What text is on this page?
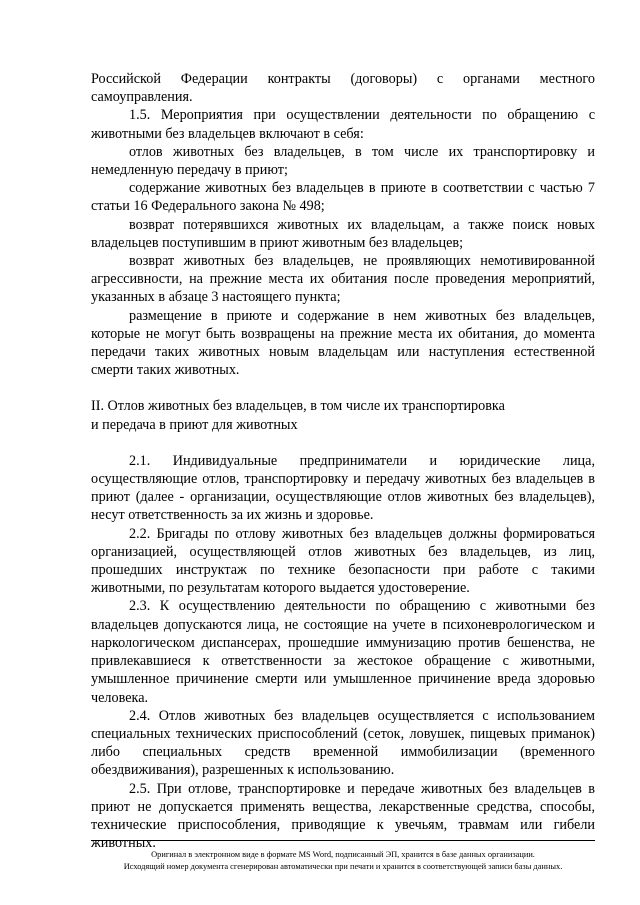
Российской Федерации контракты (договоры) с органами местного самоуправления.

1.5. Мероприятия при осуществлении деятельности по обращению с животными без владельцев включают в себя:

отлов животных без владельцев, в том числе их транспортировку и немедленную передачу в приют;

содержание животных без владельцев в приюте в соответствии с частью 7 статьи 16 Федерального закона № 498;

возврат потерявшихся животных их владельцам, а также поиск новых владельцев поступившим в приют животным без владельцев;

возврат животных без владельцев, не проявляющих немотивированной агрессивности, на прежние места их обитания после проведения мероприятий, указанных в абзаце 3 настоящего пункта;

размещение в приюте и содержание в нем животных без владельцев, которые не могут быть возвращены на прежние места их обитания, до момента передачи таких животных новым владельцам или наступления естественной смерти таких животных.

II. Отлов животных без владельцев, в том числе их транспортировка

и передача в приют для животных

2.1. Индивидуальные предприниматели и юридические лица, осуществляющие отлов, транспортировку и передачу животных без владельцев в приют (далее - организации, осуществляющие отлов животных без владельцев), несут ответственность за их жизнь и здоровье.

2.2. Бригады по отлову животных без владельцев должны формироваться организацией, осуществляющей отлов животных без владельцев, из лиц, прошедших инструктаж по технике безопасности при работе с такими животными, по результатам которого выдается удостоверение.

2.3. К осуществлению деятельности по обращению с животными без владельцев допускаются лица, не состоящие на учете в психоневрологическом и наркологическом диспансерах, прошедшие иммунизацию против бешенства, не привлекавшиеся к ответственности за жестокое обращение с животными, умышленное причинение смерти или умышленное причинение вреда здоровью человека.

2.4. Отлов животных без владельцев осуществляется с использованием специальных технических приспособлений (сеток, ловушек, пищевых приманок) либо специальных средств временной иммобилизации (временного обездвиживания), разрешенных к использованию.

2.5. При отлове, транспортировке и передаче животных без владельцев в приют не допускается применять вещества, лекарственные средства, способы, технические приспособления, приводящие к увечьям, травмам или гибели животных.

Оригинал в электронном виде в формате MS Word, подписанный ЭП, хранится в базе данных организации.
Исходящий номер документа сгенерирован автоматически при печати и хранится в соответствующей записи базы данных.
